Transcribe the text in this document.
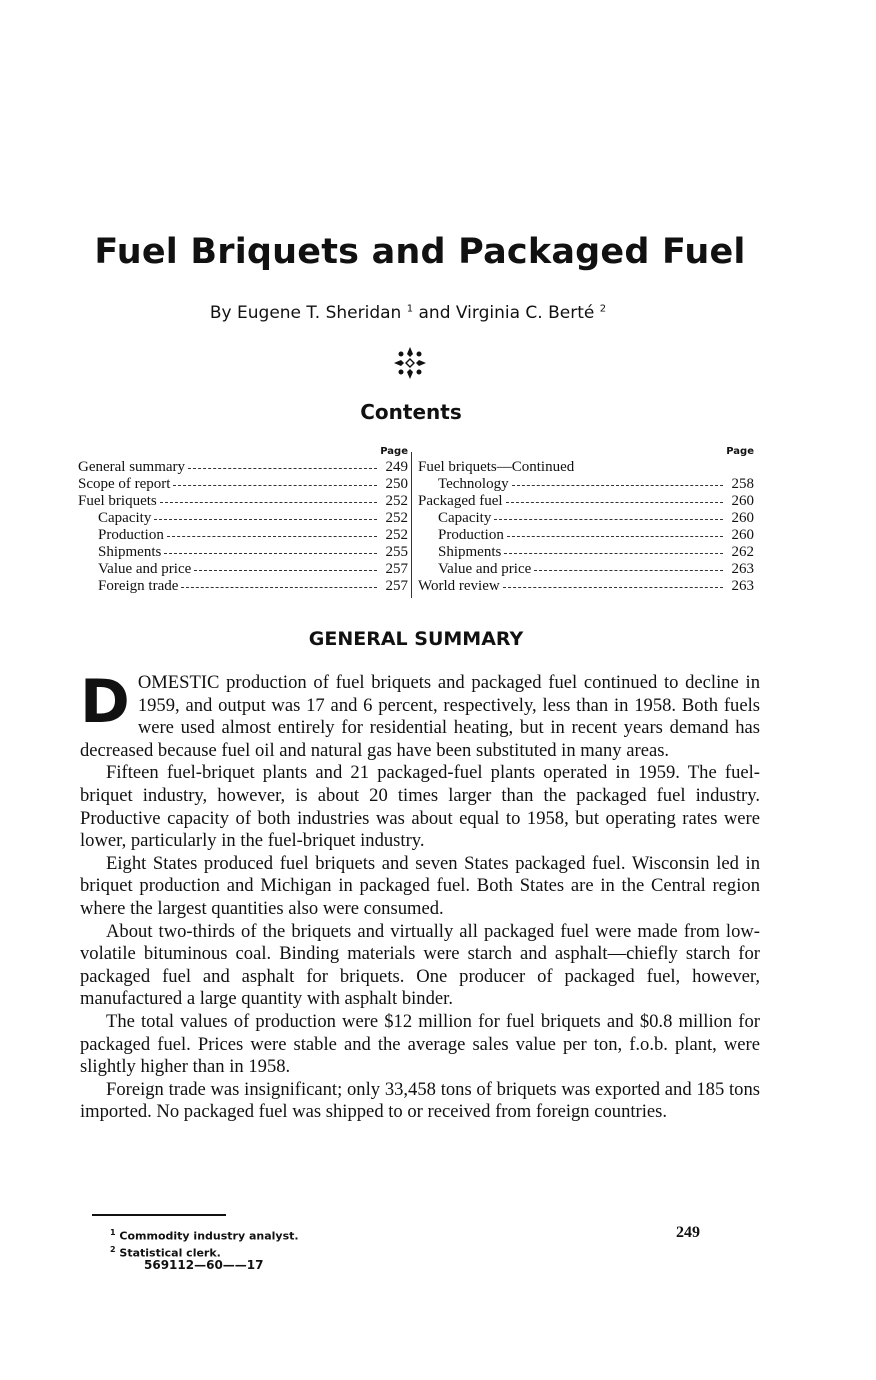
Fuel Briquets and Packaged Fuel
By Eugene T. Sheridan $^1$ and Virginia C. Berté $^2$
Contents
Page
General summary	249
Scope of report	250
Fuel briquets	252
Capacity	252
Production	252
Shipments	255
Value and price	257
Foreign trade	257
Page
Fuel briquets—Continued
Technology	258
Packaged fuel	260
Capacity	260
Production	260
Shipments	262
Value and price	263
World review	263
GENERAL SUMMARY

DOMESTIC production of fuel briquets and packaged fuel continued to decline in 1959, and output was 17 and 6 percent, respectively, less than in 1958. Both fuels were used almost entirely for residential heating, but in recent years demand has decreased because fuel oil and natural gas have been substituted in many areas.

Fifteen fuel-briquet plants and 21 packaged-fuel plants operated in 1959. The fuel-briquet industry, however, is about 20 times larger than the packaged fuel industry. Productive capacity of both industries was about equal to 1958, but operating rates were lower, particularly in the fuel-briquet industry.

Eight States produced fuel briquets and seven States packaged fuel. Wisconsin led in briquet production and Michigan in packaged fuel. Both States are in the Central region where the largest quantities also were consumed.

About two-thirds of the briquets and virtually all packaged fuel were made from low-volatile bituminous coal. Binding materials were starch and asphalt—chiefly starch for packaged fuel and asphalt for briquets. One producer of packaged fuel, however, manufactured a large quantity with asphalt binder.

The total values of production were $12 million for fuel briquets and $0.8 million for packaged fuel. Prices were stable and the average sales value per ton, f.o.b. plant, were slightly higher than in 1958.

Foreign trade was insignificant; only 33,458 tons of briquets was exported and 185 tons imported. No packaged fuel was shipped to or received from foreign countries.

$^1$ Commodity industry analyst.
$^2$ Statistical clerk.
249
569112—60——17
